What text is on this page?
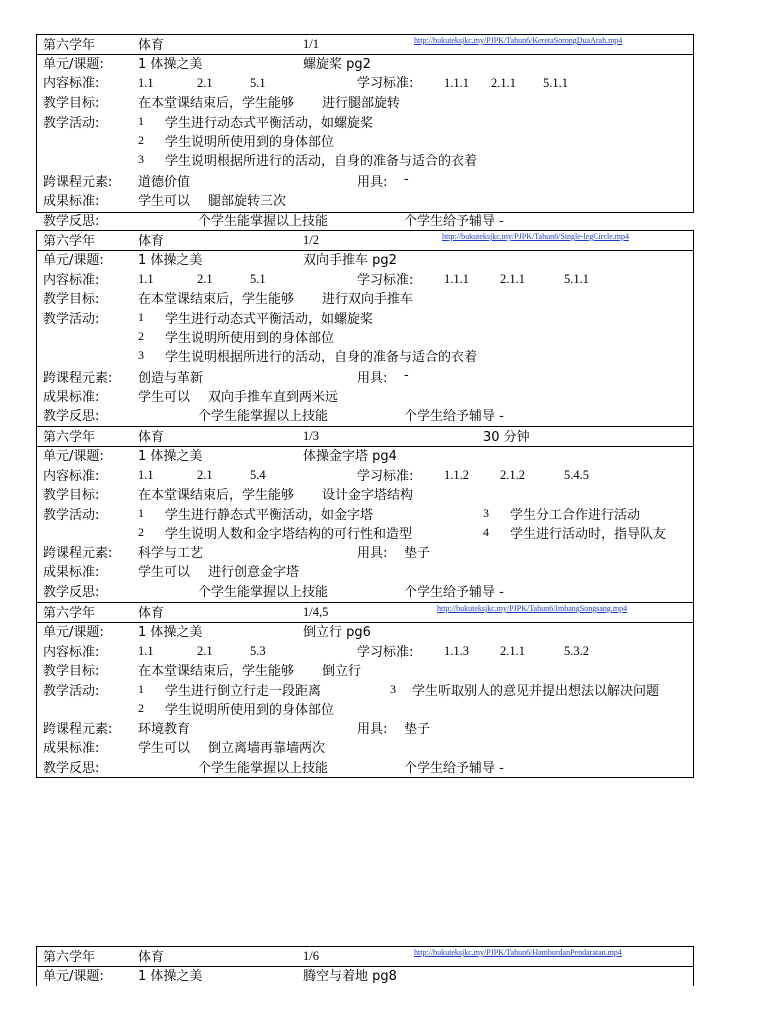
第六学年	体育	1/1	http://bukuteksjkc.my/PJPK/Tahun6/KeretaSorongDuaArah.mp4
单元/课题:	1 体操之美	螺旋桨 pg2
内容标准:	1.1	2.1	5.1	学习标准: 1.1.1 2.1.1 5.1.1
教学目标:	在本堂课结束后，学生能够 进行腿部旋转
教学活动:	1 学生进行动态式平衡活动，如螺旋桨
2 学生说明所使用到的身体部位
3 学生说明根据所进行的活动，自身的准备与适合的衣着
跨课程元素: 道德价值	用具: -
成果标准:	学生可以 腿部旋转三次
教学反思:	个学生能掌握以上技能	个学生给予辅导 -
第六学年	体育	1/2	http://bukuteksjkc.my/PJPK/Tahun6/Single-legCircle.mp4
单元/课题:	1 体操之美	双向手推车 pg2
内容标准:	1.1	2.1	5.1	学习标准: 1.1.1 2.1.1	5.1.1
教学目标:	在本堂课结束后，学生能够 进行双向手推车
教学活动:	1 学生进行动态式平衡活动，如螺旋桨
2 学生说明所使用到的身体部位
3 学生说明根据所进行的活动，自身的准备与适合的衣着
跨课程元素: 创造与革新	用具: -
成果标准:	学生可以 双向手推车直到两米远
教学反思:	个学生能掌握以上技能	个学生给予辅导 -
第六学年	体育	1/3	30 分钟
单元/课题:	1 体操之美	体操金字塔 pg4
内容标准:	1.1	2.1	5.4	学习标准: 1.1.2 2.1.2	5.4.5
教学目标:	在本堂课结束后，学生能够 设计金字塔结构
教学活动:	1 学生进行静态式平衡活动，如金字塔
2 学生说明人数和金字塔结构的可行性和造型
3 学生分工合作进行活动
4 学生进行活动时，指导队友
跨课程元素: 科学与工艺	用具: 垫子
成果标准:	学生可以 进行创意金字塔
教学反思:	个学生能掌握以上技能	个学生给予辅导 -
第六学年	体育	1/4,5	http://bukuteksjkc.my/PJPK/Tahun6/ImbangSongsang.mp4
单元/课题:	1 体操之美	倒立行 pg6
内容标准:	1.1	2.1	5.3	学习标准: 1.1.3 2.1.1	5.3.2
教学目标:	在本堂课结束后，学生能够 倒立行
教学活动:	1 学生进行倒立行走一段距离
2 学生说明所使用到的身体部位
3 学生听取别人的意见并提出想法以解决问题
跨课程元素: 环境教育	用具: 垫子
成果标准:	学生可以 倒立离墙再靠墙两次
教学反思:	个学生能掌握以上技能	个学生给予辅导 -
第六学年	体育	1/6	http://bukuteksjkc.my/PJPK/Tahun6/HamburdanPendaratan.mp4
单元/课题:	1 体操之美	腾空与着地 pg8
